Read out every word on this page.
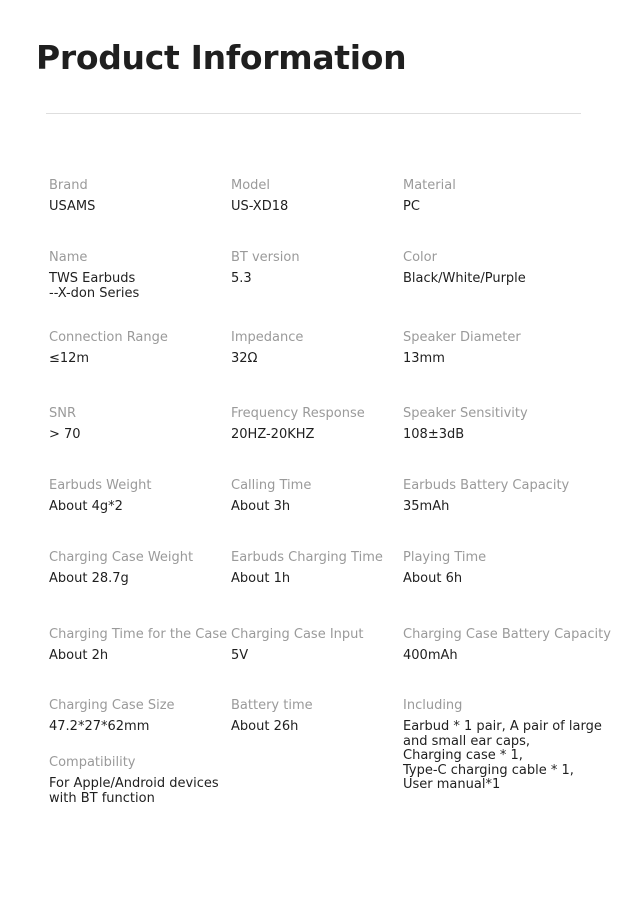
Product Information
Brand
USAMS
Model
US-XD18
Material
PC
Name
TWS Earbuds
--X-don Series
BT version
5.3
Color
Black/White/Purple
Connection Range
≤12m
Impedance
32Ω
Speaker Diameter
13mm
SNR
> 70
Frequency Response
20HZ-20KHZ
Speaker Sensitivity
108±3dB
Earbuds Weight
About 4g*2
Calling Time
About 3h
Earbuds Battery Capacity
35mAh
Charging Case Weight
About 28.7g
Earbuds Charging Time
About 1h
Playing Time
About 6h
Charging Time for the Case
About 2h
Charging Case Input
5V
Charging Case Battery Capacity
400mAh
Charging Case Size
47.2*27*62mm
Battery time
About 26h
Including
Earbud * 1 pair, A pair of large
and small ear caps,
Charging case * 1,
Type-C charging cable * 1,
User manual*1
Compatibility
For Apple/Android devices
with BT function
